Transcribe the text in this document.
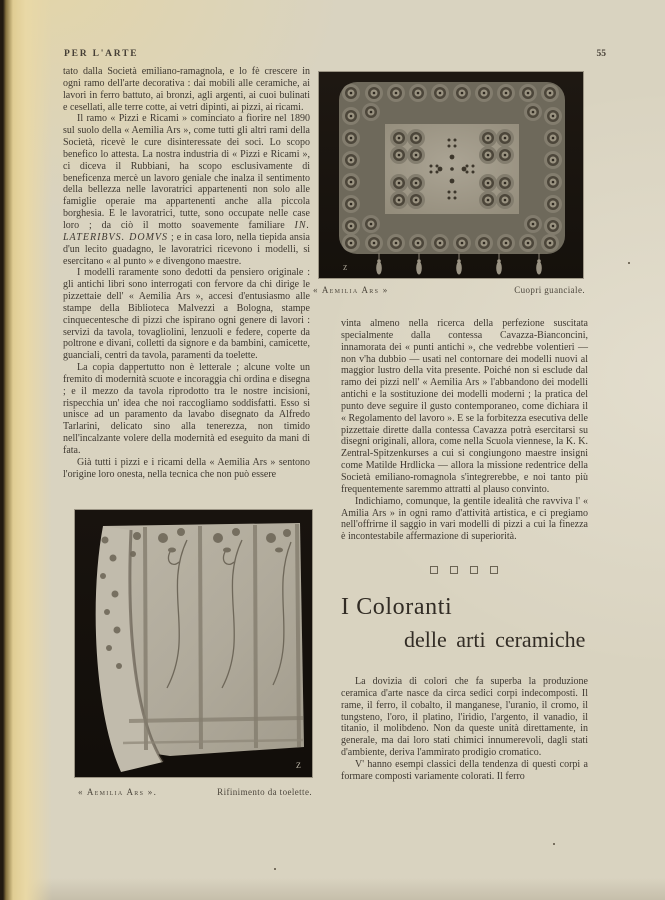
PER L'ARTE	55

tato dalla Società emiliano-ramagnola, e lo fè crescere in ogni ramo dell'arte decorativa : dai mobili alle ceramiche, ai lavori in ferro battuto, ai bronzi, agli argenti, ai cuoi bulinati e cesellati, alle terre cotte, ai vetri dipinti, ai pizzi, ai ricami.

Il ramo « Pizzi e Ricami » cominciato a fiorire nel 1890 sul suolo della « Aemilia Ars », come tutti gli altri rami della Società, ricevè le cure disinteressate dei soci. Lo scopo benefico lo attesta. La nostra industria di « Pizzi e Ricami », ci diceva il Rubbiani, ha scopo esclusivamente di beneficenza mercè un lavoro geniale che inalza il sentimento della bellezza nelle lavoratrici appartenenti non solo alle famiglie operaie ma appartenenti anche alla piccola borghesia. E le lavoratrici, tutte, sono occupate nelle case loro ; da ciò il motto soavemente familiare IN. LATERIBVS. DOMVS ; e in casa loro, nella tiepida ansia d'un lecito guadagno, le lavoratrici ricevono i modelli, si esercitano « al punto » e divengono maestre.

I modelli raramente sono dedotti da pensiero originale : gli antichi libri sono interrogati con fervore da chi dirige le pizzettaie dell' « Aemilia Ars », accesi d'entusiasmo alle stampe della Biblioteca Malvezzi a Bologna, stampe cinquecentesche di pizzi che ispirano ogni genere di lavori : servizi da tavola, tovagliolini, lenzuoli e federe, coperte da poltrone e divani, colletti da signore e da bambini, camicette, guanciali, centri da tavola, paramenti da toelette.

La copia dappertutto non è letterale ; alcune volte un fremito di modernità scuote e incoraggia chi ordina e disegna ; e il mezzo da tavola riprodotto tra le nostre incisioni, rispecchia un' idea che noi raccogliamo soddisfatti. Esso si unisce ad un paramento da lavabo disegnato da Alfredo Tarlarini, delicato sino alla tenerezza, non timido nell'incalzante volere della modernità ed eseguito da mani di fata.

Già tutti i pizzi e i ricami della « Aemilia Ars » sentono l'origine loro onesta, nella tecnica che non può essere

Z
« Aemilia Ars »	Cuopri guanciale.

vinta almeno nella ricerca della perfezione suscitata specialmente dalla contessa Cavazza-Bianconcini, innamorata dei « punti antichi », che vedrebbe volentieri — non v'ha dubbio — usati nel contornare dei modelli nuovi al maggior lustro della vita presente. Poiché non si esclude dal ramo dei pizzi nell' « Aemilia Ars » l'abbandono dei modelli antichi e la sostituzione dei modelli moderni ; la pratica del punto deve seguire il gusto contemporaneo, come dichiara il « Regolamento del lavoro ». E se la forbitezza esecutiva delle pizzettaie dirette dalla contessa Cavazza potrà esercitarsi su disegni originali, allora, come nella Scuola viennese, la K. K. Zentral-Spitzenkurses a cui si congiungono maestre insigni come Matilde Hrdlicka — allora la missione redentrice della Società emiliano-romagnola s'integrerebbe, e noi tanto più frequentemente saremmo attratti al plauso convinto.

Indichiamo, comunque, la gentile idealità che ravviva l' « Amilia Ars » in ogni ramo d'attività artistica, e ci pregiamo nell'offrirne il saggio in vari modelli di pizzi a cui la finezza è incontestabile affermazione di superiorità.

I Coloranti
delle arti ceramiche

La dovizia di colori che fa superba la produzione ceramica d'arte nasce da circa sedici corpi indecomposti. Il rame, il ferro, il cobalto, il manganese, l'uranio, il cromo, il tungsteno, l'oro, il platino, l'iridio, l'argento, il vanadio, il titanio, il molibdeno. Non da queste unità direttamente, in generale, ma dai loro stati chimici innumerevoli, dagli stati d'ambiente, deriva l'ammirato prodigio cromatico.

V' hanno esempi classici della tendenza di questi corpi a formare composti variamente colorati. Il ferro

Z
« Aemilia Ars ».	Rifinimento da toelette.
